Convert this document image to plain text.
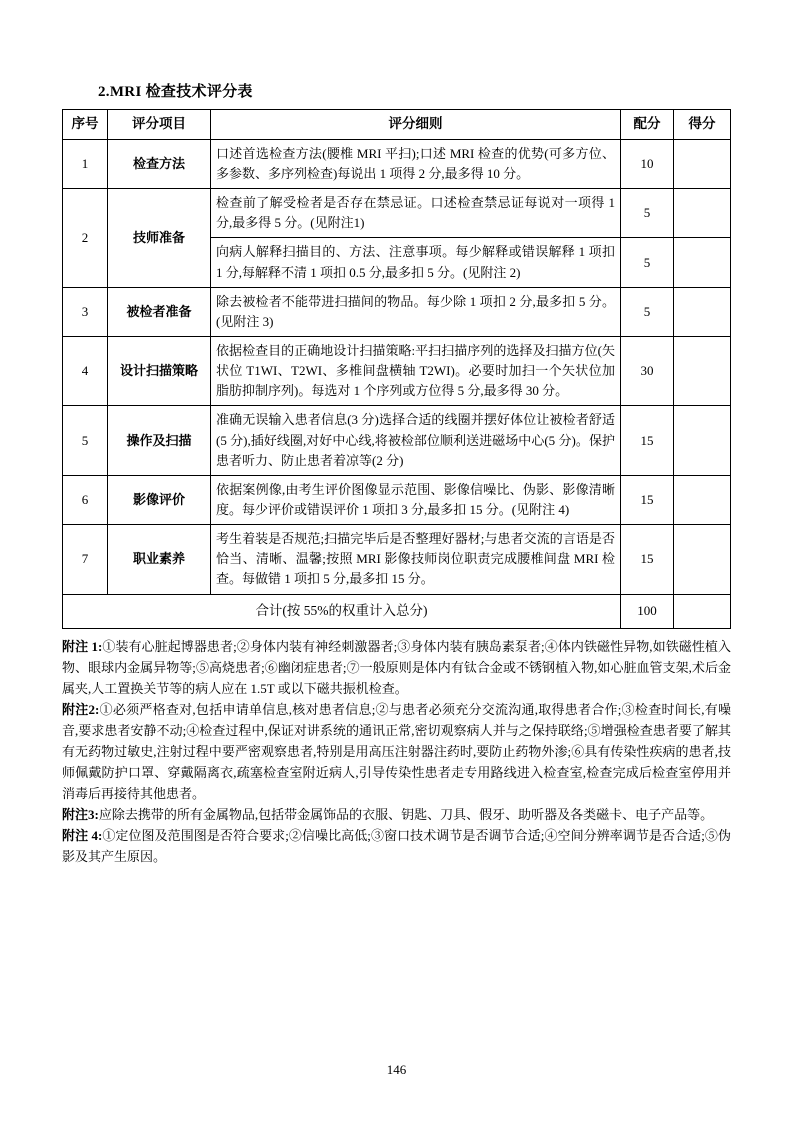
2.MRI 检查技术评分表
序号	评分项目	评分细则	配分	得分
1	检查方法	口述首选检查方法(腰椎 MRI 平扫);口述 MRI 检查的优势(可多方位、多参数、多序列检查)每说出 1 项得 2 分,最多得 10 分。	10	
2	技师准备	检查前了解受检者是否存在禁忌证。口述检查禁忌证每说对一项得 1 分,最多得 5 分。(见附注1)	5	
		向病人解释扫描目的、方法、注意事项。每少解释或错误解释 1 项扣 1 分,每解释不清 1 项扣 0.5 分,最多扣 5 分。(见附注 2)	5	
3	被检者准备	除去被检者不能带进扫描间的物品。每少除 1 项扣 2 分,最多扣 5 分。(见附注 3)	5	
4	设计扫描策略	依据检查目的正确地设计扫描策略:平扫扫描序列的选择及扫描方位(矢状位 T1WI、T2WI、多椎间盘横轴 T2WI)。必要时加扫一个矢状位加脂肪抑制序列)。每选对 1 个序列或方位得 5 分,最多得 30 分。	30	
5	操作及扫描	准确无误输入患者信息(3 分)选择合适的线圈并摆好体位让被检者舒适(5 分),插好线圈,对好中心线,将被检部位顺利送进磁场中心(5 分)。保护患者听力、防止患者着凉等(2 分)	15	
6	影像评价	依据案例像,由考生评价图像显示范围、影像信噪比、伪影、影像清晰度。每少评价或错误评价 1 项扣 3 分,最多扣 15 分。(见附注 4)	15	
7	职业素养	考生着装是否规范;扫描完毕后是否整理好器材;与患者交流的言语是否恰当、清晰、温馨;按照 MRI 影像技师岗位职责完成腰椎间盘 MRI 检查。每做错 1 项扣 5 分,最多扣 15 分。	15	
合计(按 55%的权重计入总分)			100	

附注 1:①装有心脏起博器患者;②身体内装有神经刺激器者;③身体内装有胰岛素泵者;④体内铁磁性异物,如铁磁性植入物、眼球内金属异物等;⑤高烧患者;⑥幽闭症患者;⑦一般原则是体内有钛合金或不锈钢植入物,如心脏血管支架,术后金属夹,人工置换关节等的病人应在 1.5T 或以下磁共振机检查。

附注2:①必须严格查对,包括申请单信息,核对患者信息;②与患者必须充分交流沟通,取得患者合作;③检查时间长,有噪音,要求患者安静不动;④检查过程中,保证对讲系统的通讯正常,密切观察病人并与之保持联络;⑤增强检查患者要了解其有无药物过敏史,注射过程中要严密观察患者,特别是用高压注射器注药时,要防止药物外渗;⑥具有传染性疾病的患者,技师佩戴防护口罩、穿戴隔离衣,疏塞检查室附近病人,引导传染性患者走专用路线进入检查室,检查完成后检查室停用并消毒后再接待其他患者。

附注3:应除去携带的所有金属物品,包括带金属饰品的衣服、钥匙、刀具、假牙、助听器及各类磁卡、电子产品等。

附注 4:①定位图及范围图是否符合要求;②信噪比高低;③窗口技术调节是否调节合适;④空间分辨率调节是否合适;⑤伪影及其产生原因。

146
